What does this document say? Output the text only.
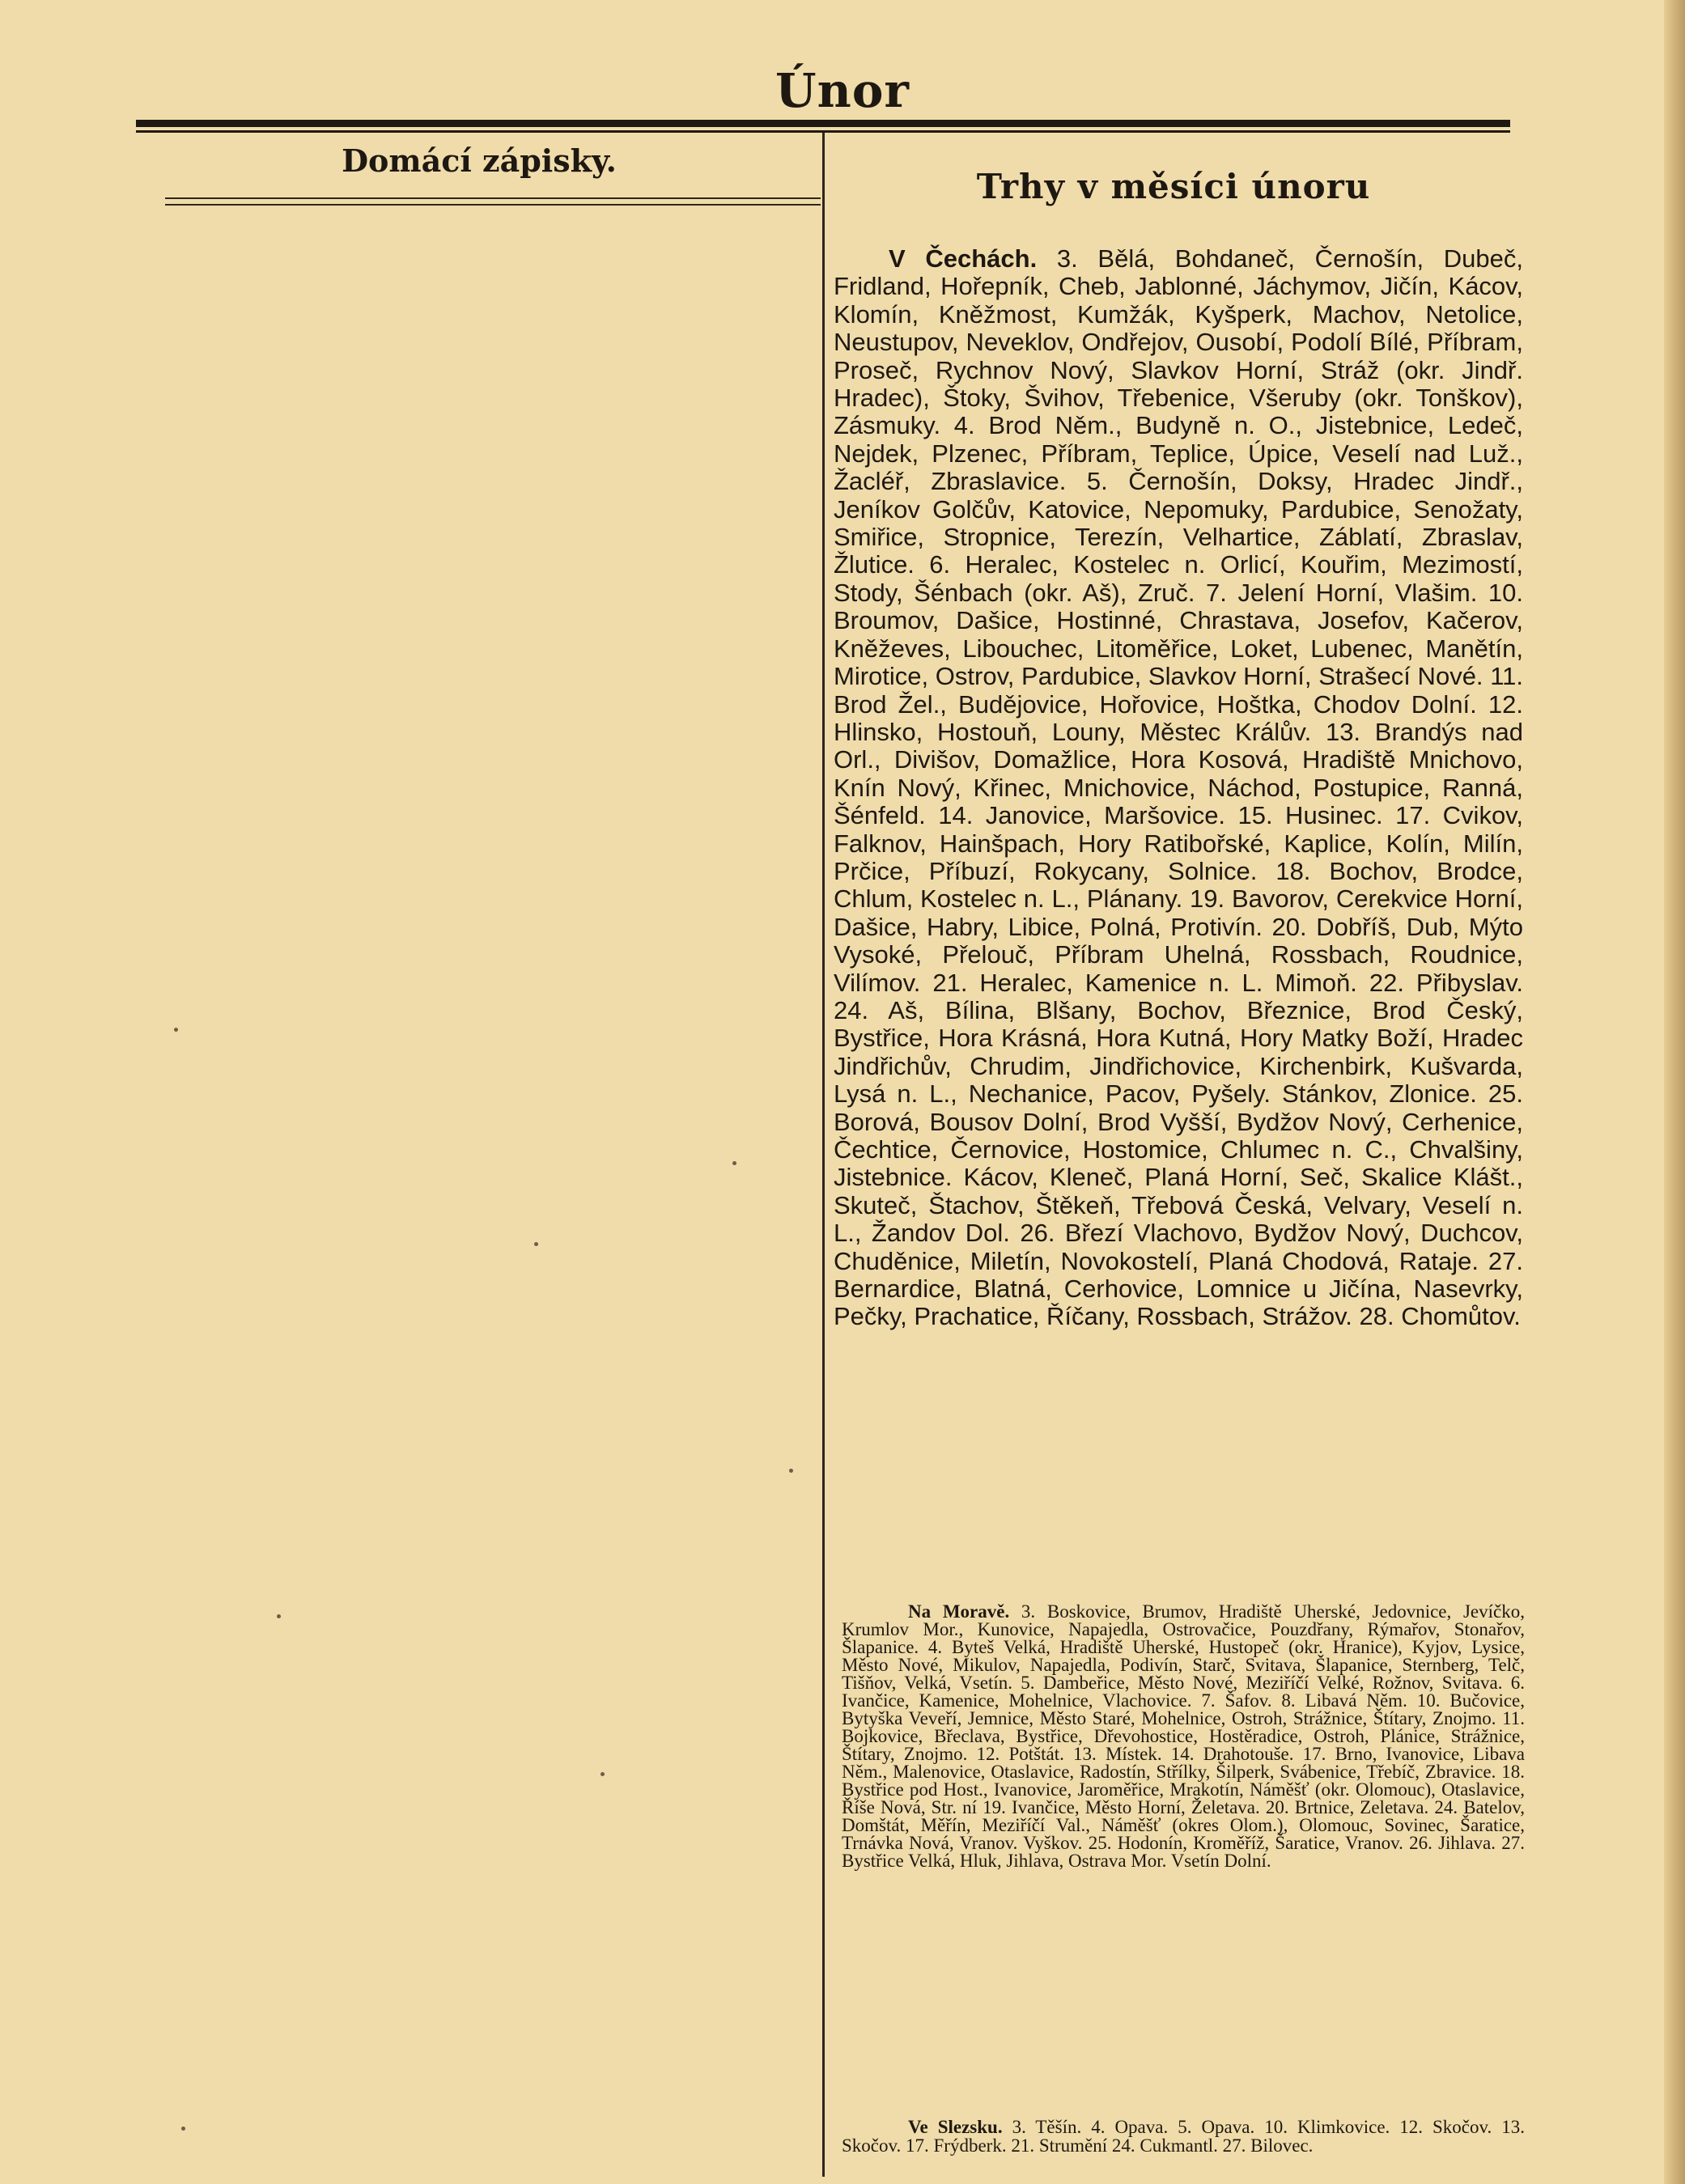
Únor
Domácí zápisky.
Trhy v měsíci únoru

V Čechách. 3. Bělá, Bohdaneč, Černošín, Dubeč, Fridland, Hořepník, Cheb, Jablonné, Jáchymov, Jičín, Kácov, Klomín, Kněžmost, Kumžák, Kyšperk, Machov, Netolice, Neustupov, Neveklov, Ondřejov, Ousobí, Podolí Bílé, Příbram, Proseč, Rychnov Nový, Slavkov Horní, Stráž (okr. Jindř. Hradec), Štoky, Švihov, Třebenice, Všeruby (okr. Tonškov), Zásmuky. 4. Brod Něm., Budyně n. O., Jistebnice, Ledeč, Nejdek, Plzenec, Příbram, Teplice, Úpice, Veselí nad Luž., Žacléř, Zbraslavice. 5. Černošín, Doksy, Hradec Jindř., Jeníkov Golčův, Katovice, Nepomuky, Pardubice, Senožaty, Smiřice, Stropnice, Terezín, Velhartice, Záblatí, Zbraslav, Žlutice. 6. Heralec, Kostelec n. Orlicí, Kouřim, Mezimostí, Stody, Šénbach (okr. Aš), Zruč. 7. Jelení Horní, Vlašim. 10. Broumov, Dašice, Hostinné, Chrastava, Josefov, Kačerov, Kněževes, Libouchec, Litoměřice, Loket, Lubenec, Manětín, Mirotice, Ostrov, Pardubice, Slavkov Horní, Strašecí Nové. 11. Brod Žel., Budějovice, Hořovice, Hoštka, Chodov Dolní. 12. Hlinsko, Hostouň, Louny, Městec Králův. 13. Brandýs nad Orl., Divišov, Domažlice, Hora Kosová, Hradiště Mnichovo, Knín Nový, Křinec, Mnichovice, Náchod, Postupice, Ranná, Šénfeld. 14. Janovice, Maršovice. 15. Husinec. 17. Cvikov, Falknov, Hainšpach, Hory Ratibořské, Kaplice, Kolín, Milín, Prčice, Příbuzí, Rokycany, Solnice. 18. Bochov, Brodce, Chlum, Kostelec n. L., Plánany. 19. Bavorov, Cerekvice Horní, Dašice, Habry, Libice, Polná, Protivín. 20. Dobříš, Dub, Mýto Vysoké, Přelouč, Příbram Uhelná, Rossbach, Roudnice, Vilímov. 21. Heralec, Kamenice n. L. Mimoň. 22. Přibyslav. 24. Aš, Bílina, Blšany, Bochov, Březnice, Brod Český, Bystřice, Hora Krásná, Hora Kutná, Hory Matky Boží, Hradec Jindřichův, Chrudim, Jindřichovice, Kirchenbirk, Kušvarda, Lysá n. L., Nechanice, Pacov, Pyšely. Stánkov, Zlonice. 25. Borová, Bousov Dolní, Brod Vyšší, Bydžov Nový, Cerhenice, Čechtice, Černovice, Hostomice, Chlumec n. C., Chvalšiny, Jistebnice. Kácov, Kleneč, Planá Horní, Seč, Skalice Klášt., Skuteč, Štachov, Štěkeň, Třebová Česká, Velvary, Veselí n. L., Žandov Dol. 26. Březí Vlachovo, Bydžov Nový, Duchcov, Chuděnice, Miletín, Novokostelí, Planá Chodová, Rataje. 27. Bernardice, Blatná, Cerhovice, Lomnice u Jičína, Nasevrky, Pečky, Prachatice, Říčany, Rossbach, Strážov. 28. Chomůtov.

Na Moravě. 3. Boskovice, Brumov, Hradiště Uherské, Jedovnice, Jevíčko, Krumlov Mor., Kunovice, Napajedla, Ostrovačice, Pouzdřany, Rýmařov, Stonařov, Šlapanice. 4. Byteš Velká, Hradiště Uherské, Hustopeč (okr. Hranice), Kyjov, Lysice, Město Nové, Mikulov, Napajedla, Podivín, Starč, Svitava, Šlapanice, Sternberg, Telč, Tišňov, Velká, Vsetín. 5. Dambeřice, Město Nové, Meziříčí Velké, Rožnov, Svitava. 6. Ivančice, Kamenice, Mohelnice, Vlachovice. 7. Šafov. 8. Libavá Něm. 10. Bučovice, Bytyška Veveří, Jemnice, Město Staré, Mohelnice, Ostroh, Strážnice, Štítary, Znojmo. 11. Bojkovice, Břeclava, Bystřice, Dřevohostice, Hostěradice, Ostroh, Plánice, Strážnice, Štítary, Znojmo. 12. Potštát. 13. Místek. 14. Drahotouše. 17. Brno, Ivanovice, Libava Něm., Malenovice, Otaslavice, Radostín, Střílky, Šilperk, Svábenice, Třebíč, Zbravice. 18. Bystřice pod Host., Ivanovice, Jaroměřice, Mrakotín, Náměšť (okr. Olomouc), Otaslavice, Říše Nová, Str. ní 19. Ivančice, Město Horní, Želetava. 20. Brtnice, Zeletava. 24. Batelov, Domštát, Měřín, Meziříčí Val., Náměšť (okres Olom.), Olomouc, Sovinec, Šaratice, Trnávka Nová, Vranov. Vyškov. 25. Hodonín, Kroměříž, Šaratice, Vranov. 26. Jihlava. 27. Bystřice Velká, Hluk, Jihlava, Ostrava Mor. Vsetín Dolní.

Ve Slezsku. 3. Těšín. 4. Opava. 5. Opava. 10. Klimkovice. 12. Skočov. 13. Skočov. 17. Frýdberk. 21. Strumění 24. Cukmantl. 27. Bilovec.
